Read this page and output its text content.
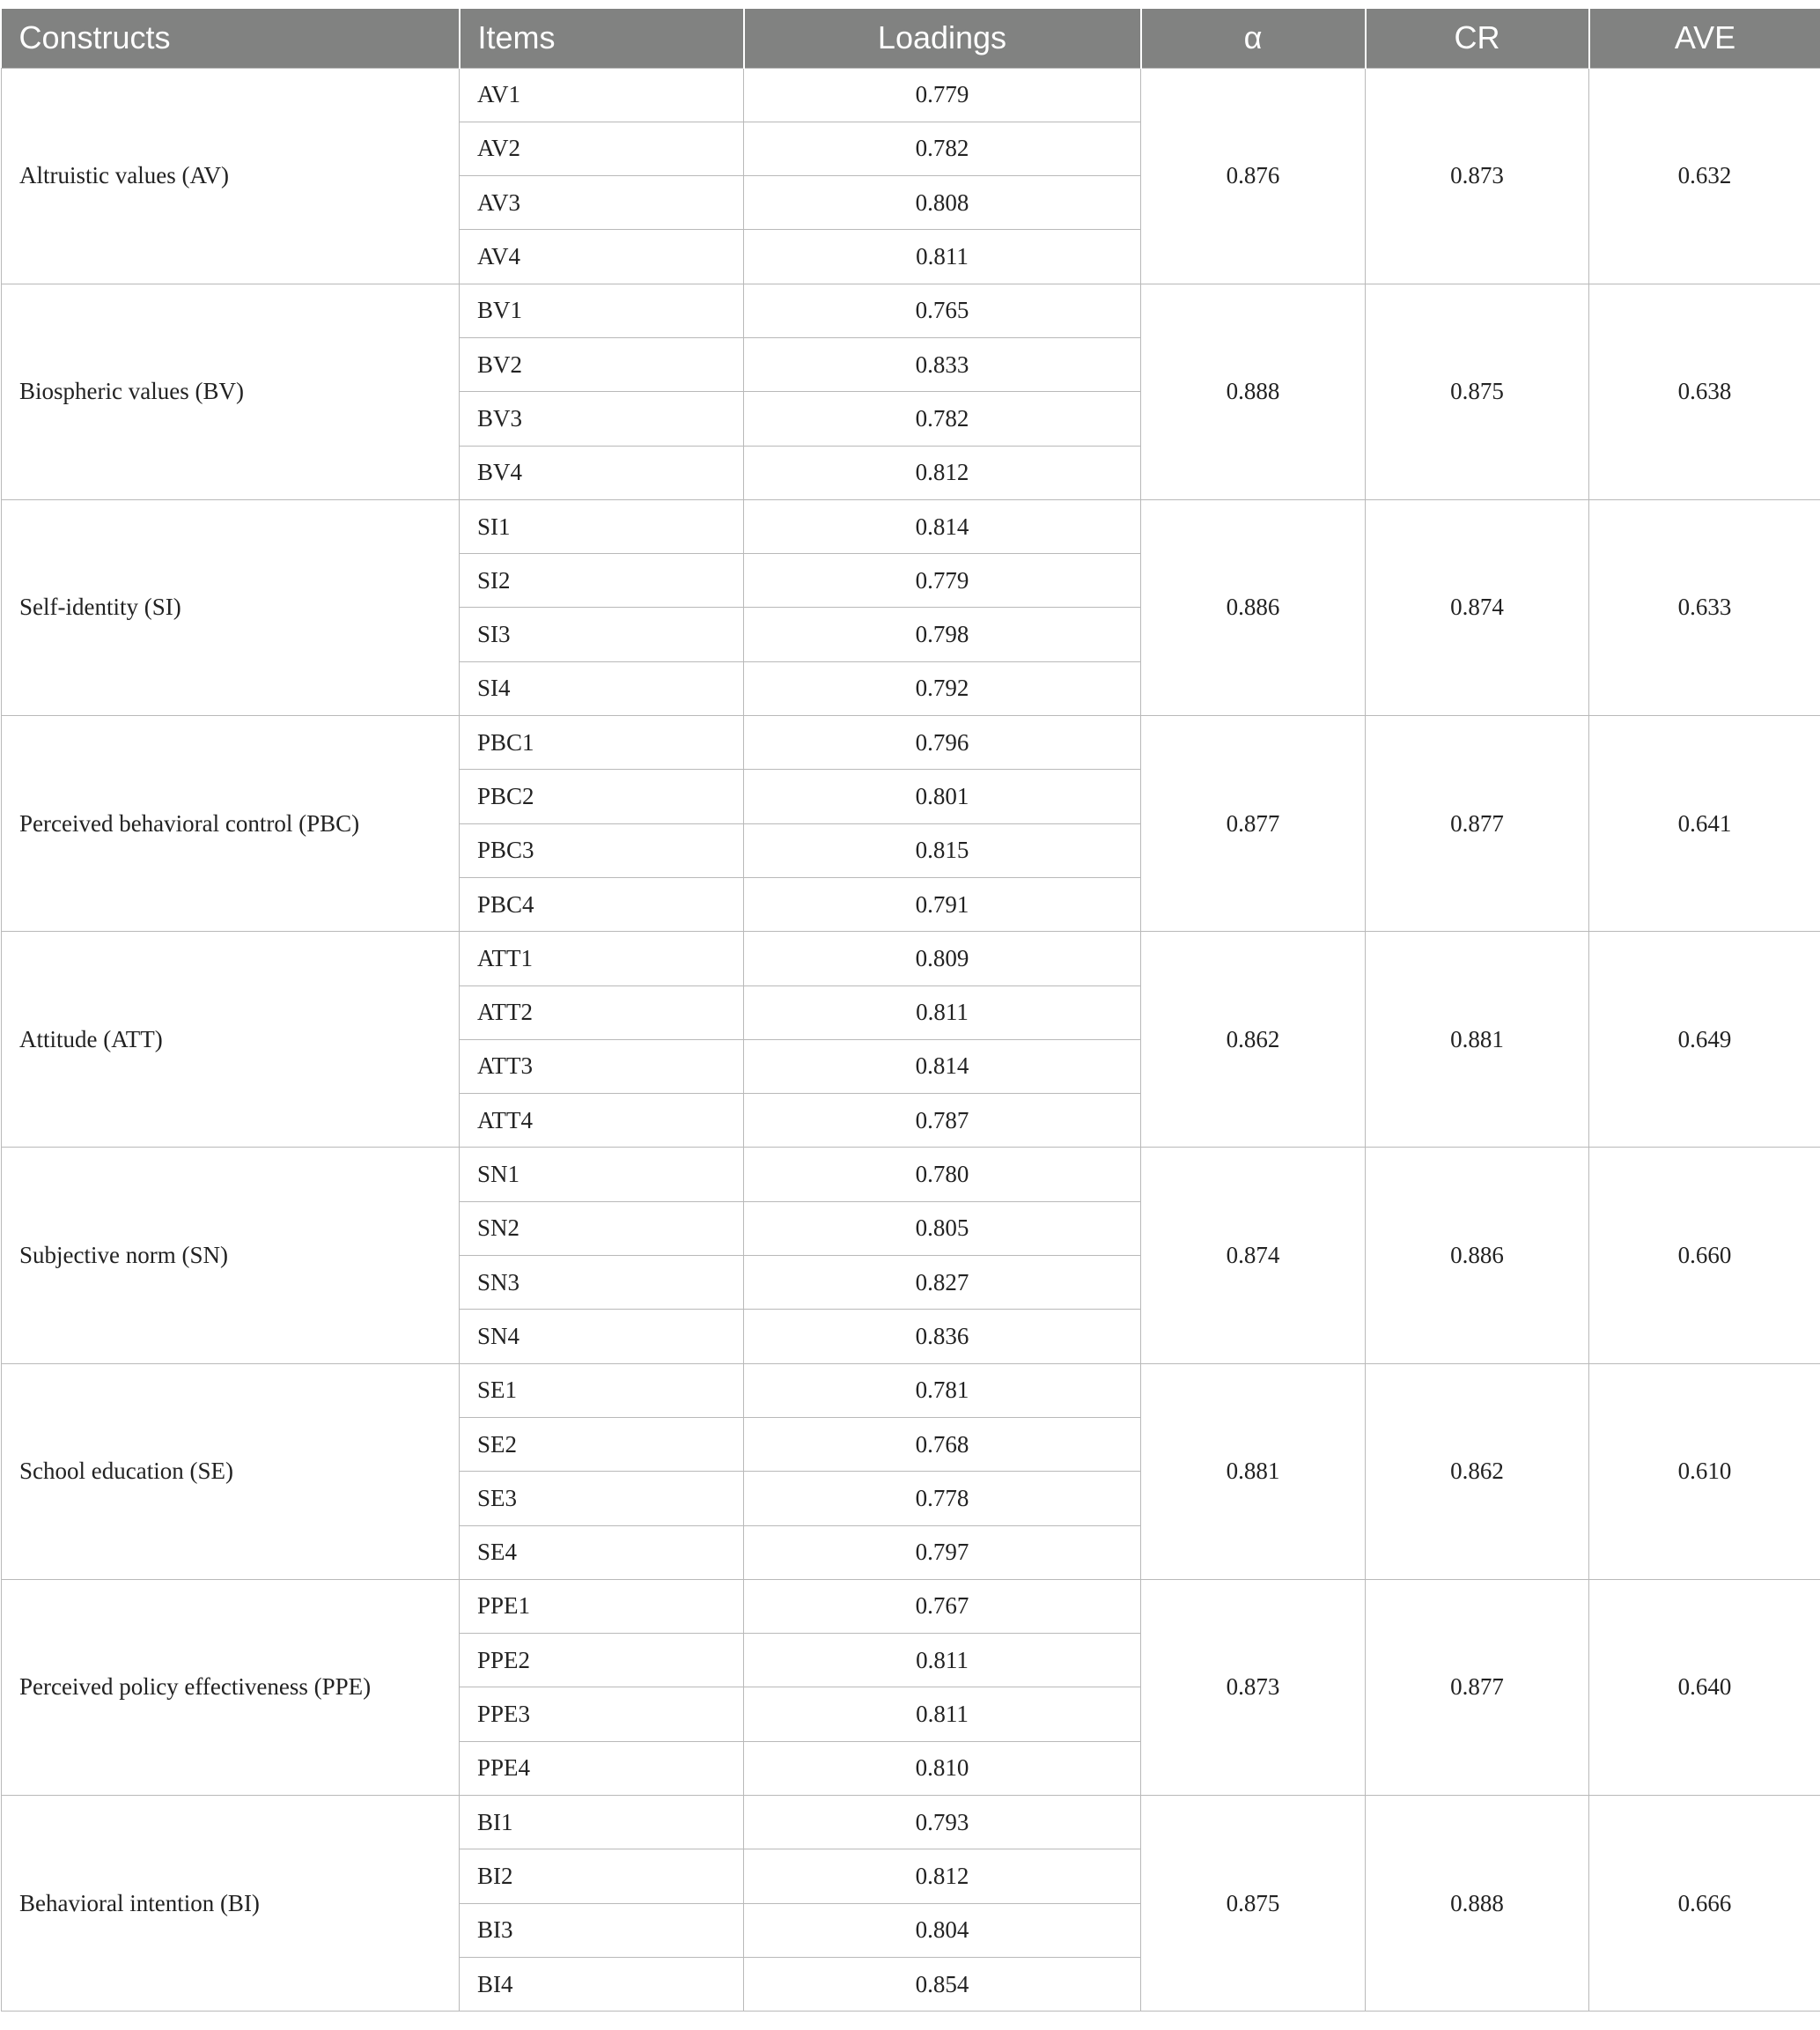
Constructs	Items	Loadings	α	CR	AVE
Altruistic values (AV)	AV1	0.779	0.876	0.873	0.632
	AV2	0.782			
	AV3	0.808			
	AV4	0.811			
Biospheric values (BV)	BV1	0.765	0.888	0.875	0.638
	BV2	0.833			
	BV3	0.782			
	BV4	0.812			
Self-identity (SI)	SI1	0.814	0.886	0.874	0.633
	SI2	0.779			
	SI3	0.798			
	SI4	0.792			
Perceived behavioral control (PBC)	PBC1	0.796	0.877	0.877	0.641
	PBC2	0.801			
	PBC3	0.815			
	PBC4	0.791			
Attitude (ATT)	ATT1	0.809	0.862	0.881	0.649
	ATT2	0.811			
	ATT3	0.814			
	ATT4	0.787			
Subjective norm (SN)	SN1	0.780	0.874	0.886	0.660
	SN2	0.805			
	SN3	0.827			
	SN4	0.836			
School education (SE)	SE1	0.781	0.881	0.862	0.610
	SE2	0.768			
	SE3	0.778			
	SE4	0.797			
Perceived policy effectiveness (PPE)	PPE1	0.767	0.873	0.877	0.640
	PPE2	0.811			
	PPE3	0.811			
	PPE4	0.810			
Behavioral intention (BI)	BI1	0.793	0.875	0.888	0.666
	BI2	0.812			
	BI3	0.804			
	BI4	0.854			
